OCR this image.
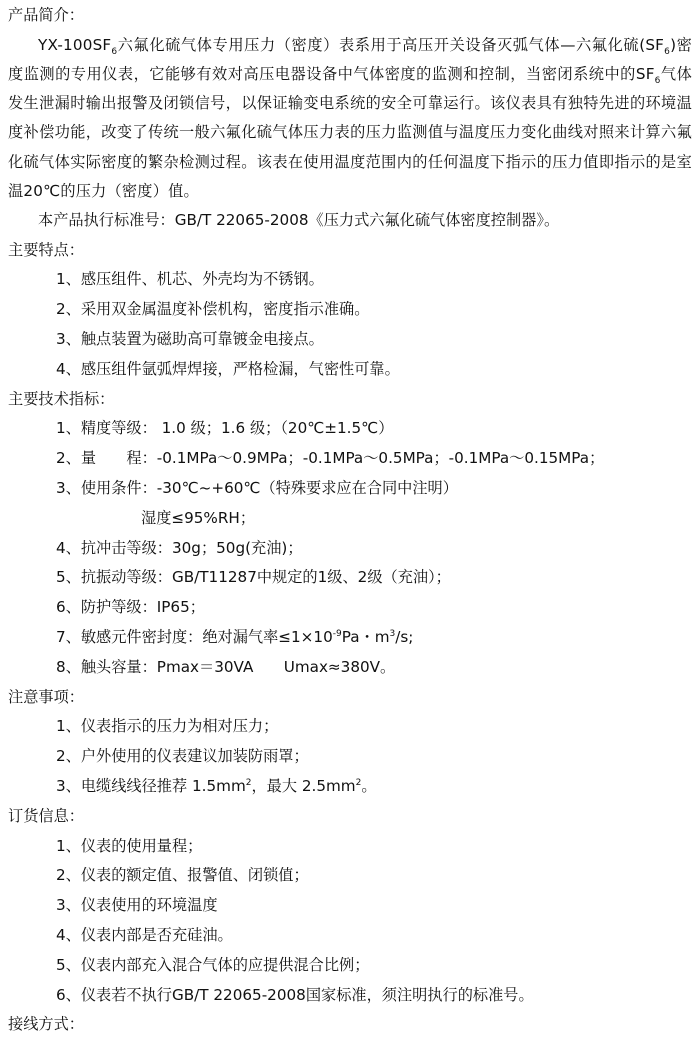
产品简介：

$YX-100SF_6$六氟化硫气体专用压力（密度）表系用于高压开关设备灭弧气体—六氟化硫$(SF_6)$密度监测的专用仪表，它能够有效对高压电器设备中气体密度的监测和控制，当密闭系统中的$SF_6$气体发生泄漏时输出报警及闭锁信号，以保证输变电系统的安全可靠运行。该仪表具有独特先进的环境温度补偿功能，改变了传统一般六氟化硫气体压力表的压力监测值与温度压力变化曲线对照来计算六氟化硫气体实际密度的繁杂检测过程。该表在使用温度范围内的任何温度下指示的压力值即指示的是室温20℃的压力（密度）值。

本产品执行标准号：GB/T 22065-2008《压力式六氟化硫气体密度控制器》。

主要特点：

1、感压组件、机芯、外壳均为不锈钢。
2、采用双金属温度补偿机构，密度指示准确。
3、触点装置为磁助高可靠镀金电接点。
4、感压组件氩弧焊焊接，严格检漏，气密性可靠。

主要技术指标：

1、精度等级： 1.0 级；1.6 级；（20℃±1.5℃）
2、量　　程：-0.1MPa～0.9MPa；-0.1MPa～0.5MPa；-0.1MPa～0.15MPa；
3、使用条件：-30℃~+60℃（特殊要求应在合同中注明）
湿度≤95%RH；
4、抗冲击等级：30g；50g(充油)；
5、抗振动等级：GB/T11287中规定的1级、2级（充油）；
6、防护等级：IP65；
7、敏感元件密封度：绝对漏气率$\le 1\times 10^{-9}Pa$・$m^3/s$;
8、触头容量：Pmax＝30VA　　Umax≈380V。

注意事项：

1、仪表指示的压力为相对压力；
2、户外使用的仪表建议加装防雨罩；
3、电缆线线径推荐 $1.5mm^2$，最大 $2.5mm^2$。

订货信息：

1、仪表的使用量程；
2、仪表的额定值、报警值、闭锁值；
3、仪表使用的环境温度
4、仪表内部是否充硅油。
5、仪表内部充入混合气体的应提供混合比例；
6、仪表若不执行GB/T 22065-2008国家标准，须注明执行的标准号。

接线方式：
